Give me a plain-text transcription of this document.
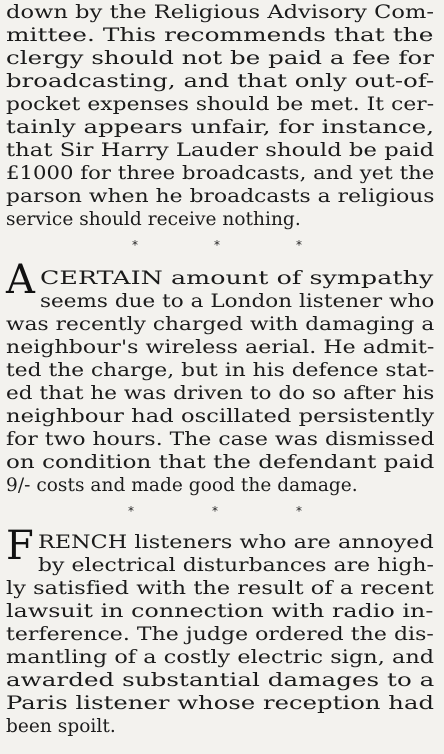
down by the Religious Advisory Com-
mittee. This recommends that the
clergy should not be paid a fee for
broadcasting, and that only out-of-
pocket expenses should be met. It cer-
tainly appears unfair, for instance,
that Sir Harry Lauder should be paid
£1000 for three broadcasts, and yet the
parson when he broadcasts a religious
service should receive nothing.
*	*	*
A CERTAIN amount of sympathy
seems due to a London listener who
was recently charged with damaging a
neighbour's wireless aerial. He admit-
ted the charge, but in his defence stat-
ed that he was driven to do so after his
neighbour had oscillated persistently
for two hours. The case was dismissed
on condition that the defendant paid
9/- costs and made good the damage.
*	*	*
F RENCH listeners who are annoyed
by electrical disturbances are high-
ly satisfied with the result of a recent
lawsuit in connection with radio in-
terference. The judge ordered the dis-
mantling of a costly electric sign, and
awarded substantial damages to a
Paris listener whose reception had
been spoilt.
